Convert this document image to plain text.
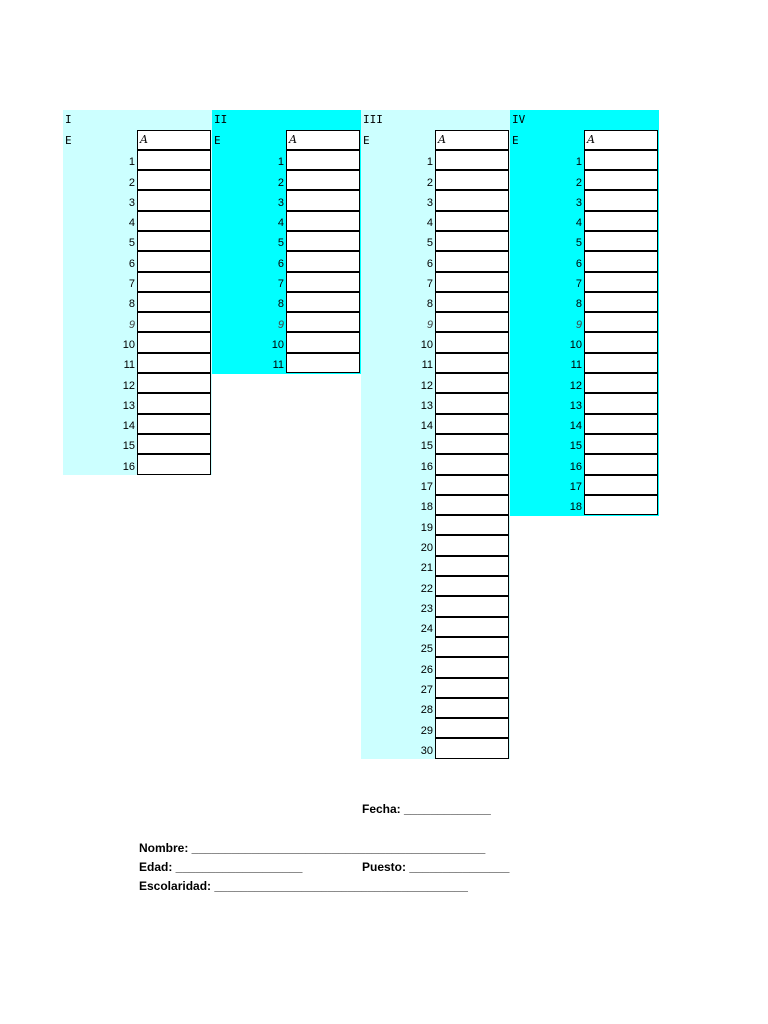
I
E	A
1
2
3
4
5
6
7
8
9
10
11
12
13
14
15
16
II
E	A
1
2
3
4
5
6
7
8
9
10
11
III
E	A
1
2
3
4
5
6
7
8
9
10
11
12
13
14
15
16
17
18
19
20
21
22
23
24
25
26
27
28
29
30
IV
E	A
1
2
3
4
5
6
7
8
9
10
11
12
13
14
15
16
17
18
Fecha: _____________
Nombre: ____________________________________________
Edad: ___________________	Puesto: _______________
Escolaridad: ______________________________________
